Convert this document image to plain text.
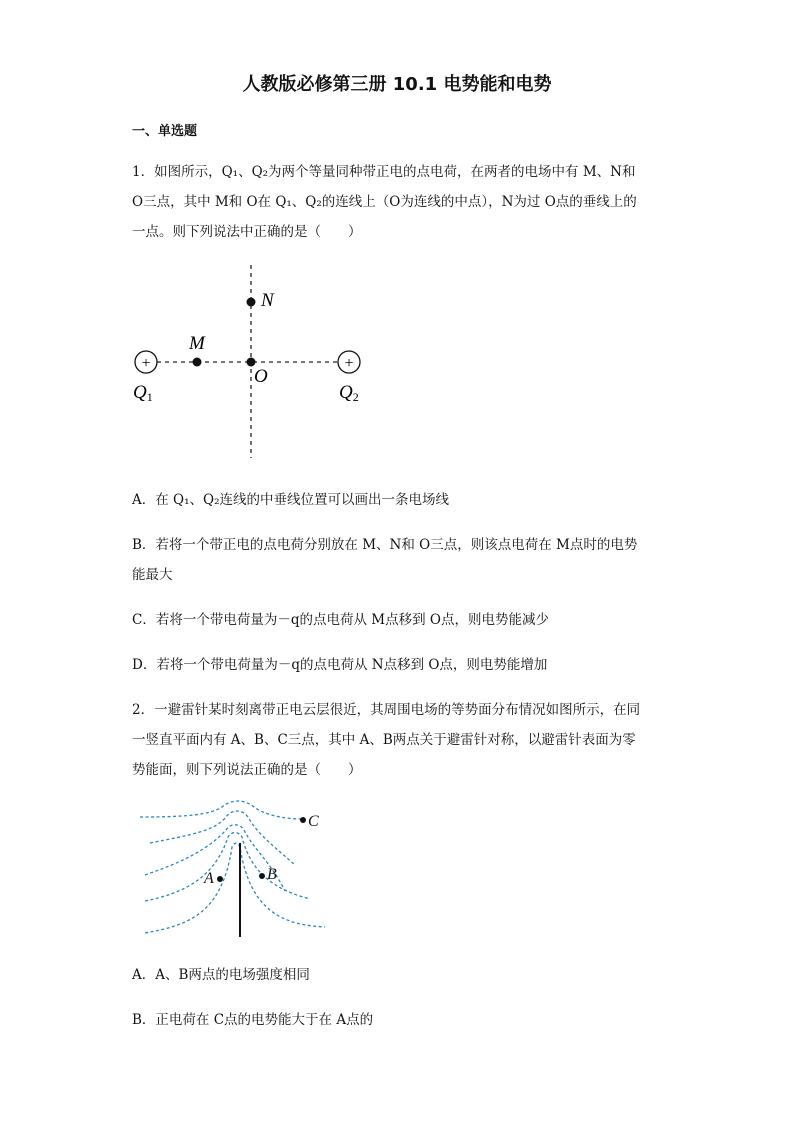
人教版必修第三册 10.1 电势能和电势
一、单选题
1．如图所示，Q₁、Q₂为两个等量同种带正电的点电荷，在两者的电场中有 M、N和
O三点，其中 M和 O在 Q₁、Q₂的连线上（O为连线的中点），N为过 O点的垂线上的
一点。则下列说法中正确的是（　　）
+	+
N
M
O
Q1	Q2
A．在 Q₁、Q₂连线的中垂线位置可以画出一条电场线
B．若将一个带正电的点电荷分别放在 M、N和 O三点，则该点电荷在 M点时的电势
能最大
C．若将一个带电荷量为－q的点电荷从 M点移到 O点，则电势能减少
D．若将一个带电荷量为－q的点电荷从 N点移到 O点，则电势能增加
2．一避雷针某时刻离带正电云层很近，其周围电场的等势面分布情况如图所示，在同
一竖直平面内有 A、B、C三点，其中 A、B两点关于避雷针对称，以避雷针表面为零
势能面，则下列说法正确的是（　　）
C
A	B
A．A、B两点的电场强度相同
B．正电荷在 C点的电势能大于在 A点的
